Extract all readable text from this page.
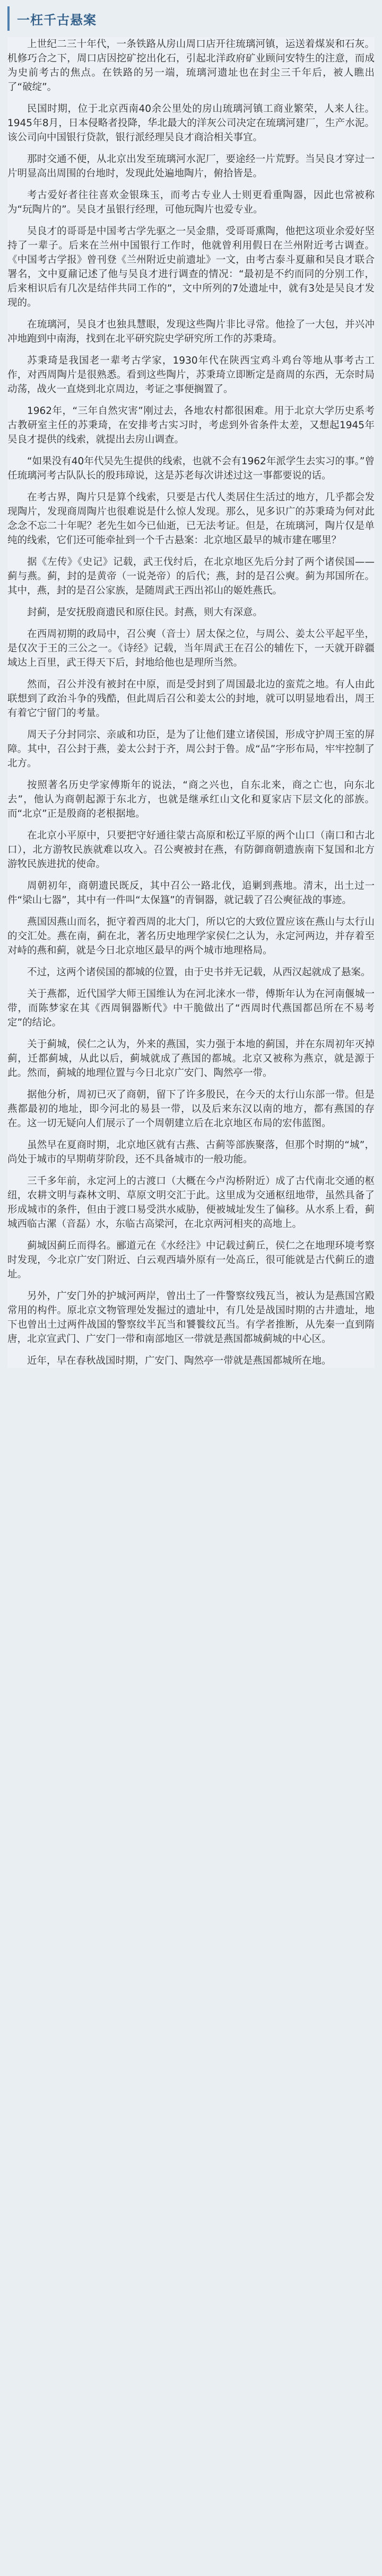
一枉千古悬案

上世纪二三十年代，一条铁路从房山周口店开往琉璃河镇，运送着煤炭和石灰。机修巧合之下，周口店因挖矿挖出化石，引起北洋政府矿业顾问安特生的注意，而成为史前考古的焦点。在铁路的另一端，琉璃河遗址也在封尘三千年后，被人瞧出了“破绽”。

民国时期，位于北京西南40余公里处的房山琉璃河镇工商业繁荣，人来人往。1945年8月，日本侵略者投降，华北最大的洋灰公司决定在琉璃河建厂，生产水泥。该公司向中国银行贷款，银行派经理吴良才商洽相关事宜。

那时交通不便，从北京出发至琉璃河水泥厂，要途经一片荒野。当吴良才穿过一片明显高出周围的台地时，发现此处遍地陶片，俯拾皆是。

考古爱好者往往喜欢金银珠玉，而考古专业人士则更看重陶器，因此也常被称为“玩陶片的”。吴良才虽银行经理，可他玩陶片也爱专业。

吴良才的哥哥是中国考古学先驱之一吴金鼎，受哥哥熏陶，他把这项业余爱好坚持了一辈子。后来在兰州中国银行工作时，他就曾利用假日在兰州附近考古调查。《中国考古学报》曾刊登《兰州附近史前遗址》一文，由考古泰斗夏鼐和吴良才联合署名，文中夏鼐记述了他与吴良才进行调查的情况：“最初是不约而同的分别工作，后来相识后有几次是结伴共同工作的”，文中所列的7处遗址中，就有3处是吴良才发现的。

在琉璃河，吴良才也独具慧眼，发现这些陶片非比寻常。他捡了一大包，并兴冲冲地跑到中南海，找到在北平研究院史学研究所工作的苏秉琦。

苏秉琦是我国老一辈考古学家，1930年代在陕西宝鸡斗鸡台等地从事考古工作，对西周陶片是很熟悉。看到这些陶片，苏秉琦立即断定是商周的东西，无奈时局动荡，战火一直烧到北京周边，考证之事便搁置了。

1962年，“三年自然灾害”刚过去，各地农村都很困难。用于北京大学历史系考古教研室主任的苏秉琦，在安排考古实习时，考虑到外省条件太差，又想起1945年吴良才提供的线索，就提出去房山调查。

“如果没有40年代吴先生提供的线索，也就不会有1962年派学生去实习的事。”曾任琉璃河考古队队长的殷玮璋说，这是苏老每次讲述过这一事都要说的话。

在考古界，陶片只是算个线索，只要是古代人类居住生活过的地方，几乎都会发现陶片，发现商周陶片也很难说是什么惊人发现。那么，见多识广的苏秉琦为何对此念念不忘二十年呢？老先生如今已仙逝，已无法考证。但是，在琉璃河，陶片仅是单纯的线索，它们还可能牵扯到一个千古悬案：北京地区最早的城市建在哪里？

据《左传》《史记》记载，武王伐纣后，在北京地区先后分封了两个诸侯国——蓟与燕。蓟，封的是黄帝（一说尧帝）的后代；燕，封的是召公奭。蓟为邦国所在。其中，燕，封的是召公家族，是随周武王西出祁山的姬姓燕氏。

封蓟，是安抚殷商遗民和原住民。封燕，则大有深意。

在西周初期的政局中，召公奭（音士）居太保之位，与周公、姜太公平起平坐，是仅次于王的三公之一。《诗经》记载，当年周武王在召公的辅佐下，一天就开辟疆域达上百里，武王得天下后，封地给他也是理所当然。

然而，召公并没有被封在中原，而是受封到了周国最北边的蛮荒之地。有人由此联想到了政治斗争的残酷，但此周后召公和姜太公的封地，就可以明显地看出，周王有着它宁留门的考量。

周天子分封同宗、亲戚和功臣，是为了让他们建立诸侯国，形成守护周王室的屏障。其中，召公封于燕，姜太公封于齐，周公封于鲁。成“品”字形布局，牢牢控制了北方。

按照著名历史学家傅斯年的说法，“商之兴也，自东北来，商之亡也，向东北去”，他认为商朝起源于东北方，也就是继承红山文化和夏家店下层文化的部族。而“北京”正是殷商的老根据地。

在北京小平原中，只要把守好通往蒙古高原和松辽平原的两个山口（南口和古北口），北方游牧民族就难以攻入。召公奭被封在燕，有防御商朝遗族南下复国和北方游牧民族进扰的使命。

周朝初年，商朝遗民既反，其中召公一路北伐，追剿到燕地。清末，出土过一件“梁山七器”，其中有一件叫“太保簋”的青铜器，就记载了召公奭征战的事迹。

燕国因燕山而名，扼守着西周的北大门，所以它的大致位置应该在燕山与太行山的交汇处。燕在南，蓟在北，著名历史地理学家侯仁之认为，永定河两边，并存着至对峙的燕和蓟，就是今日北京地区最早的两个城市地理格局。

不过，这两个诸侯国的都城的位置，由于史书并无记载，从西汉起就成了悬案。

关于燕都，近代国学大师王国维认为在河北涞水一带，傅斯年认为在河南偃城一带，而陈梦家在其《西周铜器断代》中干脆做出了“西周时代燕国都邑所在不易考定”的结论。

关于蓟城，侯仁之认为，外来的燕国，实力强于本地的蓟国，并在东周初年灭掉蓟，迁都蓟城，从此以后，蓟城就成了燕国的都城。北京又被称为燕京，就是源于此。然而，蓟城的地理位置与今日北京广安门、陶然亭一带。

据他分析，周初已灭了商朝，留下了许多殷民，在今天的太行山东部一带。但是燕都最初的地址，即今河北的易县一带，以及后来东汉以南的地方，都有燕国的存在。这一切无疑向人们展示了一个周朝建立后在北京地区布局的宏伟蓝图。

虽然早在夏商时期，北京地区就有古燕、古蓟等部族聚落，但那个时期的“城”，尚处于城市的早期萌芽阶段，还不具备城市的一般功能。

三千多年前，永定河上的古渡口（大概在今卢沟桥附近）成了古代南北交通的枢纽，农耕文明与森林文明、草原文明交汇于此。这里成为交通枢纽地带，虽然具备了形成城市的条件，但由于渡口易受洪水威胁，便被城址发生了偏移。从水系上看，蓟城西临古漯（音磊）水，东临古高梁河，在北京两河相夹的高地上。

蓟城因蓟丘而得名。郦道元在《水经注》中记载过蓟丘，侯仁之在地理环境考察时发现，今北京广安门附近、白云观西墙外原有一处高丘，很可能就是古代蓟丘的遗址。

另外，广安门外的护城河两岸，曾出土了一件警察纹残瓦当，被认为是燕国宫殿常用的构件。原北京文物管理处发掘过的遗址中，有几处是战国时期的古井遗址，地下也曾出土过两件战国的警察纹半瓦当和饕餮纹瓦当。有学者推断，从先秦一直到隋唐，北京宣武门、广安门一带和南部地区一带就是燕国都城蓟城的中心区。

近年，早在春秋战国时期，广安门、陶然亭一带就是燕国都城所在地。
